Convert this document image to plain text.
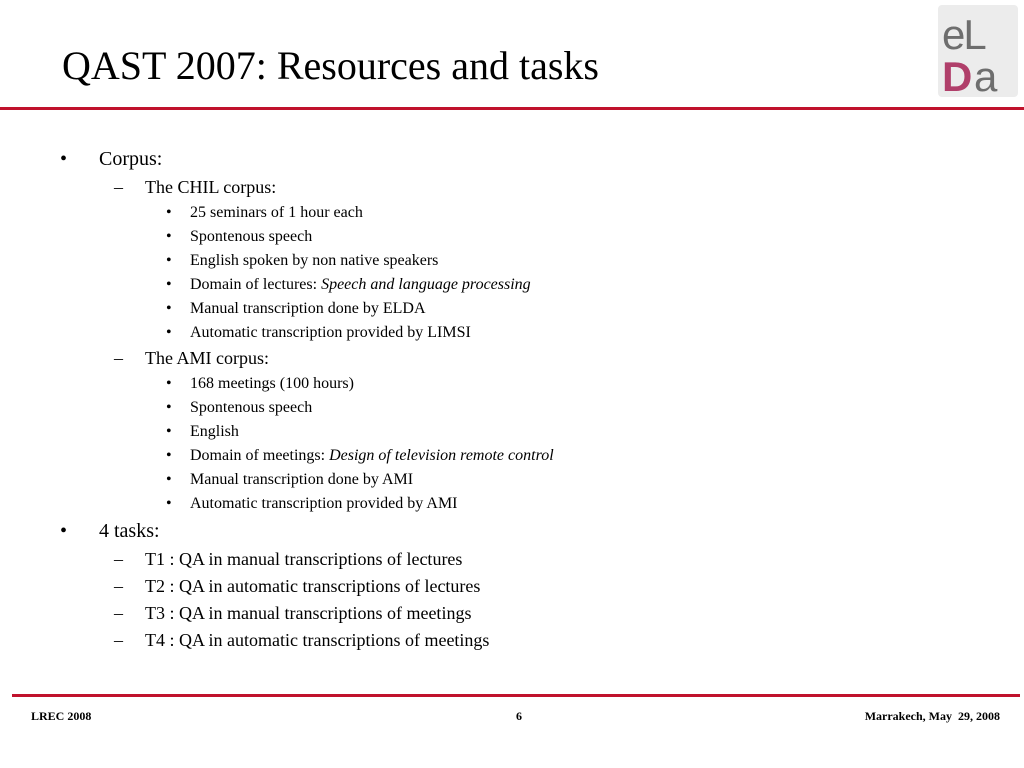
QAST 2007: Resources and tasks
eL
D a
• Corpus:
– The CHIL corpus:
• 25 seminars of 1 hour each
• Spontenous speech
• English spoken by non native speakers
• Domain of lectures: Speech and language processing
• Manual transcription done by ELDA
• Automatic transcription provided by LIMSI
– The AMI corpus:
• 168 meetings (100 hours)
• Spontenous speech
• English
• Domain of meetings: Design of television remote control
• Manual transcription done by AMI
• Automatic transcription provided by AMI
• 4 tasks:
– T1 : QA in manual transcriptions of lectures
– T2 : QA in automatic transcriptions of lectures
– T3 : QA in manual transcriptions of meetings
– T4 : QA in automatic transcriptions of meetings
LREC 2008	6	Marrakech, May  29, 2008
